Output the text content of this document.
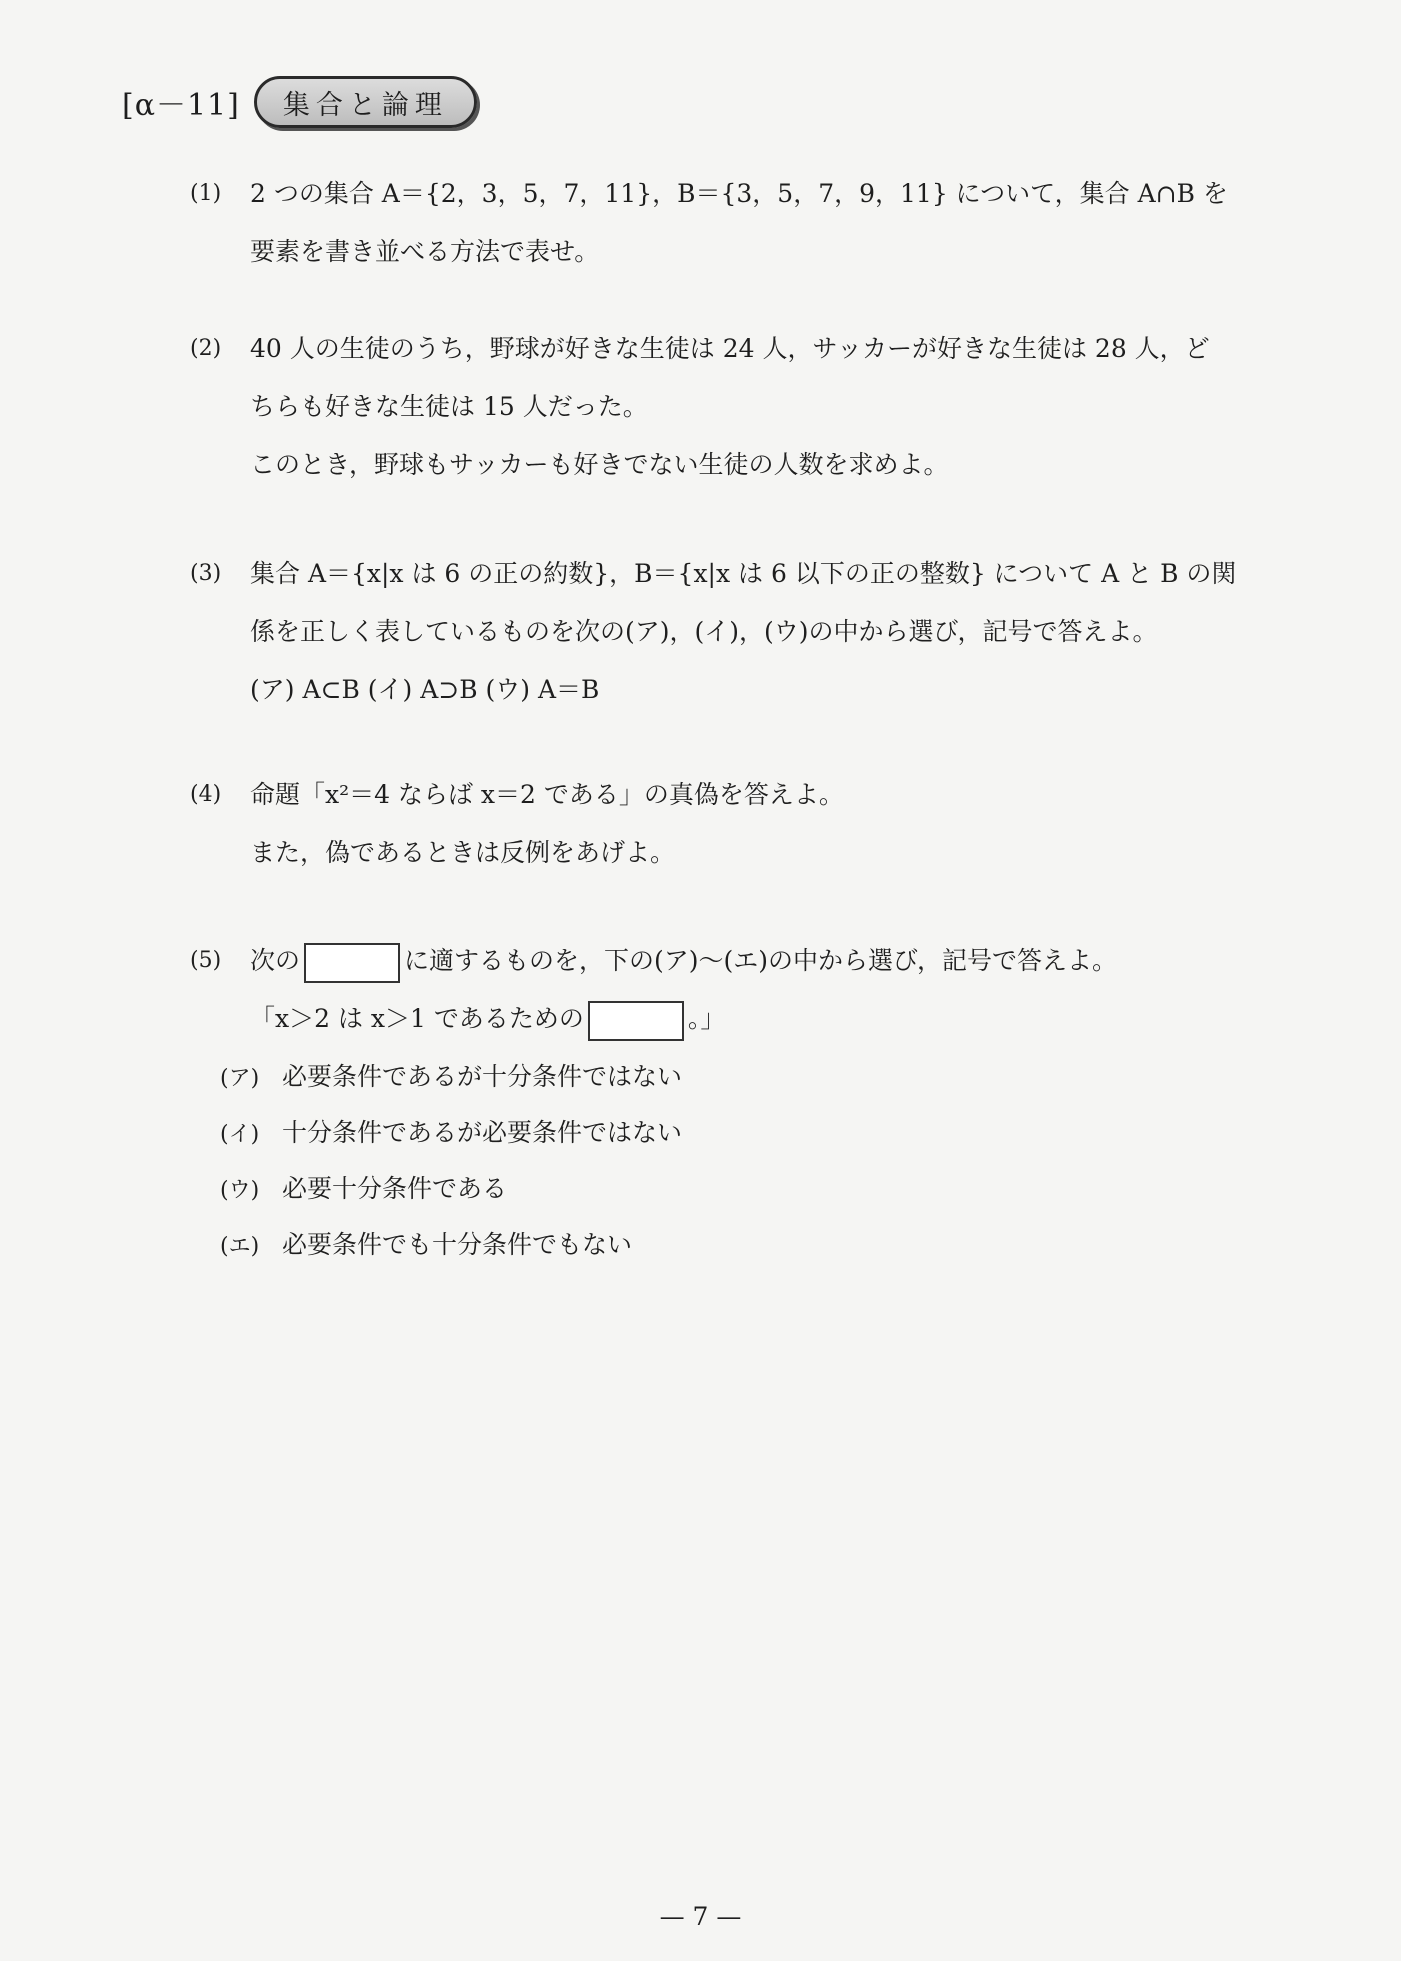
[α－11]	集合と論理
(1) 2 つの集合 A＝{2，3，5，7，11}，B＝{3，5，7，9，11} について，集合 A∩B を
要素を書き並べる方法で表せ。
(2) 40 人の生徒のうち，野球が好きな生徒は 24 人，サッカーが好きな生徒は 28 人，ど
ちらも好きな生徒は 15 人だった。
このとき，野球もサッカーも好きでない生徒の人数を求めよ。
(3) 集合 A＝{x|x は 6 の正の約数}，B＝{x|x は 6 以下の正の整数} について A と B の関
係を正しく表しているものを次の(ア)，(イ)，(ウ)の中から選び，記号で答えよ。
(ア) A⊂B (イ) A⊃B (ウ) A＝B
(4) 命題「x²＝4 ならば x＝2 である」の真偽を答えよ。
また，偽であるときは反例をあげよ。
(5) 次の	に適するものを，下の(ア)～(エ)の中から選び，記号で答えよ。
「x＞2 は x＞1 であるための	。」
(ア) 必要条件であるが十分条件ではない
(イ) 十分条件であるが必要条件ではない
(ウ) 必要十分条件である
(エ) 必要条件でも十分条件でもない
— 7 —
